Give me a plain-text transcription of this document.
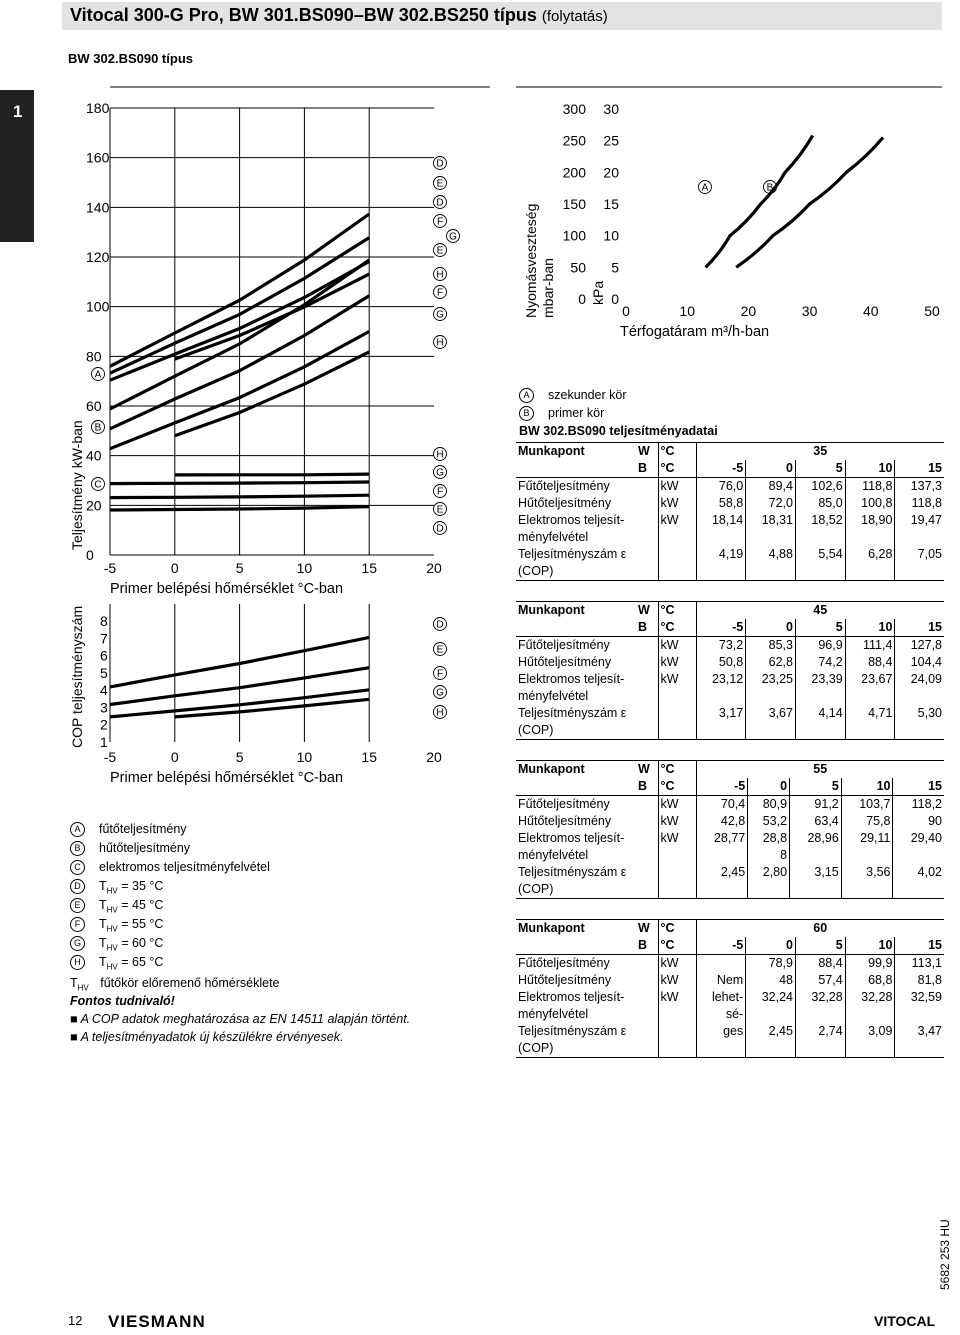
Vitocal 300-G Pro, BW 301.BS090–BW 302.BS250 típus (folytatás)
BW 302.BS090 típus
1	180
160
140
120
100
80
60
40
20
0
-5	0	5	10	15	20
Primer belépési hőmérséklet °C-ban
A
B
C
D
E
D
F
E
G
H
F
G
H
H
G
F
E
D
8
7
6
5
4
3
2
1
-5	0	5	10	15	20
Primer belépési hőmérséklet °C-ban
D
E
F
G
H
Teljesítmény kW-ban
COP teljesítményszám
300
250
200
150
100
50
0
30
25
20
15
10
5
0
0	10	20	30	40	50
Térfogatáram m³/h-ban
kPa
Nyomásveszteség mbar-ban
A	B
A fűtőteljesítmény
B hűtőteljesítmény
C elektromos teljesítményfelvétel
D $T_{HV} = 35$ °C
E $T_{HV} = 45$ °C
F $T_{HV} = 55$ °C
G $T_{HV} = 60$ °C
H $T_{HV} = 65$ °C
$T_{HV}$ fűtőkör előremenő hőmérséklete
Fontos tudnivaló!
■ A COP adatok meghatározása az EN 14511 alapján történt.
■ A teljesítményadatok új készülékre érvényesek.
A szekunder kör
B primer kör
BW 302.BS090 teljesítményadatai
Munkapont	W	°C	35				
	B	°C	-5	0	5	10	15
Fűtőteljesítmény		kW	76,0	89,4	102,6	118,8	137,3
Hűtőteljesítmény		kW	58,8	72,0	85,0	100,8	118,8
Elektromos teljesít-		kW	18,14	18,31	18,52	18,90	19,47
ményfelvétel							
Teljesítményszám ε			4,19	4,88	5,54	6,28	7,05
(COP)							
Munkapont	W	°C	45				
	B	°C	-5	0	5	10	15
Fűtőteljesítmény		kW	73,2	85,3	96,9	111,4	127,8
Hűtőteljesítmény		kW	50,8	62,8	74,2	88,4	104,4
Elektromos teljesít-		kW	23,12	23,25	23,39	23,67	24,09
ményfelvétel							
Teljesítményszám ε			3,17	3,67	4,14	4,71	5,30
(COP)							
Munkapont	W	°C	55				
	B	°C	-5	0	5	10	15
Fűtőteljesítmény		kW	70,4	80,9	91,2	103,7	118,2
Hűtőteljesítmény		kW	42,8	53,2	63,4	75,8	90
Elektromos teljesít-		kW	28,77	28,8	28,96	29,11	29,40
ményfelvétel				8			
Teljesítményszám ε			2,45	2,80	3,15	3,56	4,02
(COP)							
Munkapont	W	°C	60				
	B	°C	-5	0	5	10	15
Fűtőteljesítmény		kW		78,9	88,4	99,9	113,1
Hűtőteljesítmény		kW	Nem	48	57,4	68,8	81,8
Elektromos teljesít-		kW	lehet-	32,24	32,28	32,28	32,59
ményfelvétel			sé-				
Teljesítményszám ε			ges	2,45	2,74	3,09	3,47
(COP)							
12 VIESMANN	VITOCAL
5682 253 HU
